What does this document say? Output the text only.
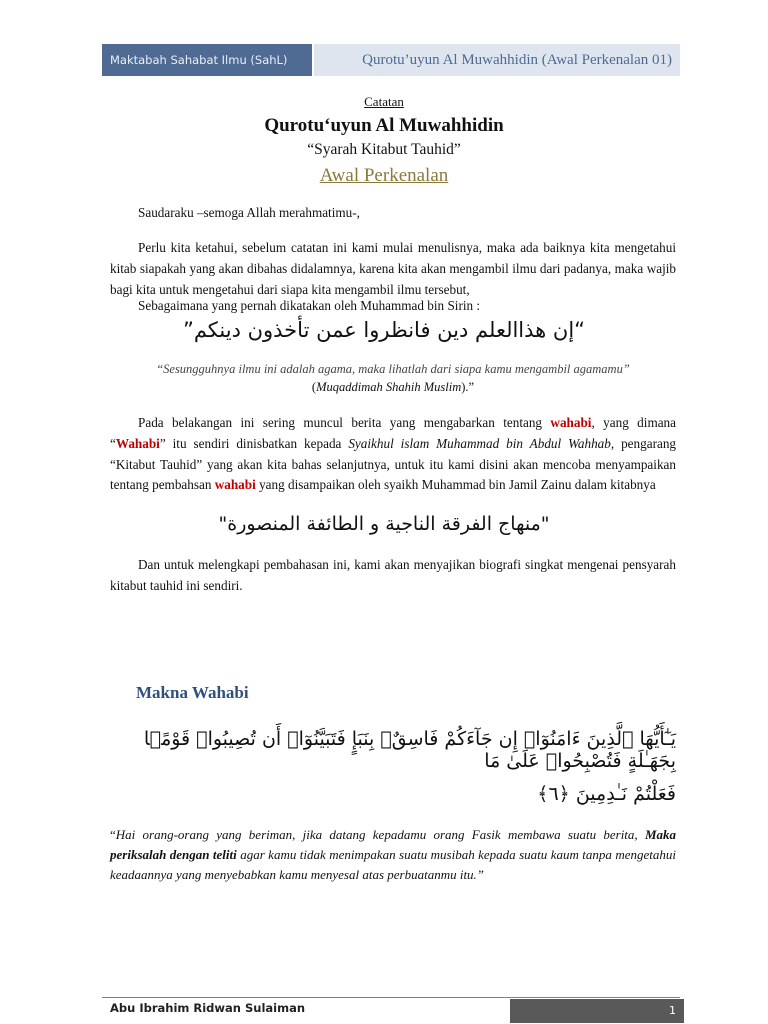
Maktabah Sahabat Ilmu (SahL)	Qurotu’uyun Al Muwahhidin (Awal Perkenalan 01)
Catatan
Qurotu‘uyun Al Muwahhidin
“Syarah Kitabut Tauhid”
Awal Perkenalan
Saudaraku –semoga Allah merahmatimu-,
Perlu kita ketahui, sebelum catatan ini kami mulai menulisnya, maka ada baiknya kita mengetahui kitab siapakah yang akan dibahas didalamnya, karena kita akan mengambil ilmu dari padanya, maka wajib bagi kita untuk mengetahui dari siapa kita mengambil ilmu tersebut,
Sebagaimana yang pernah dikatakan oleh Muhammad bin Sirin :
“إن هذاالعلم دين فانظروا عمن تأخذون دينكم”
“Sesungguhnya ilmu ini adalah agama, maka lihatlah dari siapa kamu mengambil agamamu”
(Muqaddimah Shahih Muslim).”
Pada belakangan ini sering muncul berita yang mengabarkan tentang wahabi, yang dimana “Wahabi” itu sendiri dinisbatkan kepada Syaikhul islam Muhammad bin Abdul Wahhab, pengarang “Kitabut Tauhid” yang akan kita bahas selanjutnya, untuk itu kami disini akan mencoba menyampaikan tentang pembahsan wahabi yang disampaikan oleh syaikh Muhammad bin Jamil Zainu dalam kitabnya
"منهاج الفرقة الناجية و الطائفة المنصورة"
Dan untuk melengkapi pembahasan ini, kami akan menyajikan biografi singkat mengenai pensyarah kitabut tauhid ini sendiri.
Makna Wahabi
يَـٰٓأَيُّهَا ٱلَّذِينَ ءَامَنُوٓا۟ إِن جَآءَكُمْ فَاسِقٌۢ بِنَبَإٍ فَتَبَيَّنُوٓا۟ أَن تُصِيبُوا۟ قَوْمًۢا بِجَهَـٰلَةٍ فَتُصْبِحُوا۟ عَلَىٰ مَا
فَعَلْتُمْ نَـٰدِمِينَ ﴿٦﴾
“Hai orang-orang yang beriman, jika datang kepadamu orang Fasik membawa suatu berita, Maka periksalah dengan teliti agar kamu tidak menimpakan suatu musibah kepada suatu kaum tanpa mengetahui keadaannya yang menyebabkan kamu menyesal atas perbuatanmu itu.”
Abu Ibrahim Ridwan Sulaiman	1
